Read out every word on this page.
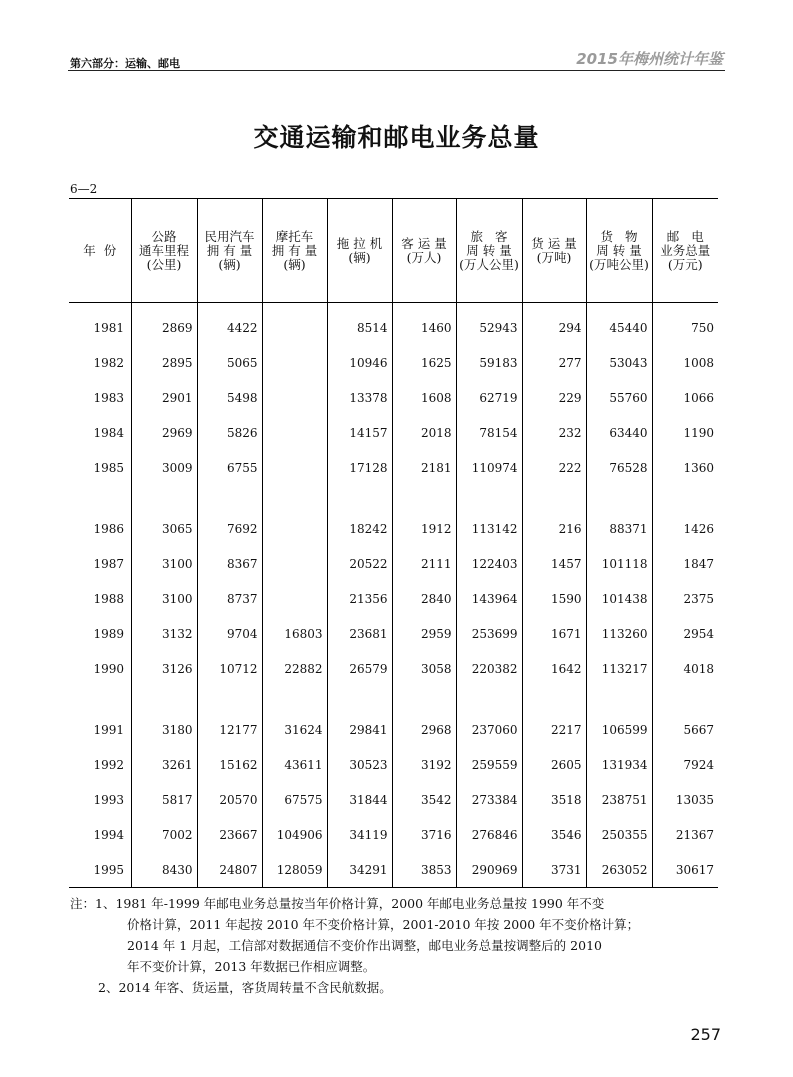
第六部分：运输、邮电	2015年梅州统计年鉴
交通运输和邮电业务总量
6—2
年  份	公路
通车里程
(公里)	民用汽车
拥 有 量
(辆)	摩托车
拥 有 量
(辆)	拖 拉 机
(辆)	客 运 量
(万人)	旅   客
周 转 量
(万人公里)	货 运 量
(万吨)	货   物
周 转 量
(万吨公里)	邮   电
业务总量
(万元)

1981	2869	4422		8514	1460	52943	294	45440	750
1982	2895	5065		10946	1625	59183	277	53043	1008
1983	2901	5498		13378	1608	62719	229	55760	1066
1984	2969	5826		14157	2018	78154	232	63440	1190
1985	3009	6755		17128	2181	110974	222	76528	1360

1986	3065	7692		18242	1912	113142	216	88371	1426
1987	3100	8367		20522	2111	122403	1457	101118	1847
1988	3100	8737		21356	2840	143964	1590	101438	2375
1989	3132	9704	16803	23681	2959	253699	1671	113260	2954
1990	3126	10712	22882	26579	3058	220382	1642	113217	4018

1991	3180	12177	31624	29841	2968	237060	2217	106599	5667
1992	3261	15162	43611	30523	3192	259559	2605	131934	7924
1993	5817	20570	67575	31844	3542	273384	3518	238751	13035
1994	7002	23667	104906	34119	3716	276846	3546	250355	21367
1995	8430	24807	128059	34291	3853	290969	3731	263052	30617

注：1、1981 年-1999 年邮电业务总量按当年价格计算，2000 年邮电业务总量按 1990 年不变

价格计算，2011 年起按 2010 年不变价格计算，2001-2010 年按 2000 年不变价格计算；

2014 年 1 月起，工信部对数据通信不变价作出调整，邮电业务总量按调整后的 2010

年不变价计算，2013 年数据已作相应调整。

2、2014 年客、货运量，客货周转量不含民航数据。

257
